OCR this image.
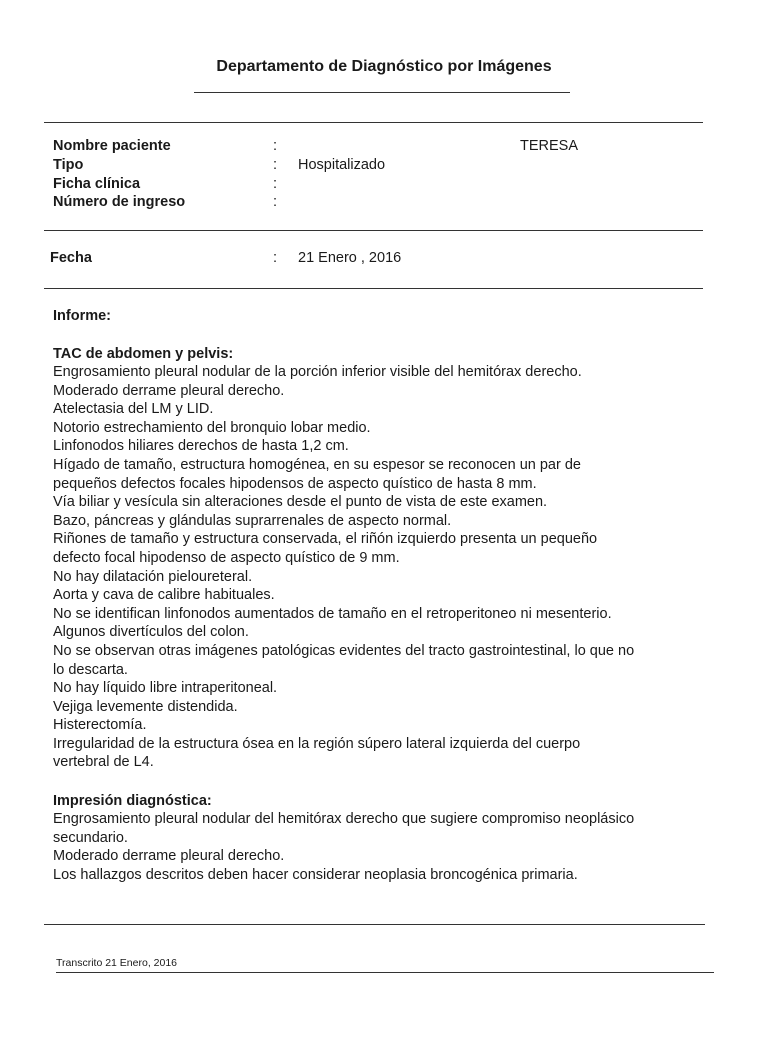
Departamento de Diagnóstico por Imágenes
Nombre paciente	:	TERESA
Tipo	: Hospitalizado
Ficha clínica	:
Número de ingreso	:
Fecha	: 21 Enero , 2016
Informe:
TAC de abdomen y pelvis:
Engrosamiento pleural nodular de la porción inferior visible del hemitórax derecho.
Moderado derrame pleural derecho.
Atelectasia del LM y LID.
Notorio estrechamiento del bronquio lobar medio.
Linfonodos hiliares derechos de hasta 1,2 cm.
Hígado de tamaño, estructura homogénea, en su espesor se reconocen un par de
pequeños defectos focales hipodensos de aspecto quístico de hasta 8 mm.
Vía biliar y vesícula sin alteraciones desde el punto de vista de este examen.
Bazo, páncreas y glándulas suprarrenales de aspecto normal.
Riñones de tamaño y estructura conservada, el riñón izquierdo presenta un pequeño
defecto focal hipodenso de aspecto quístico de 9 mm.
No hay dilatación pieloureteral.
Aorta y cava de calibre habituales.
No se identifican linfonodos aumentados de tamaño en el retroperitoneo ni mesenterio.
Algunos divertículos del colon.
No se observan otras imágenes patológicas evidentes del tracto gastrointestinal, lo que no
lo descarta.
No hay líquido libre intraperitoneal.
Vejiga levemente distendida.
Histerectomía.
Irregularidad de la estructura ósea en la región súpero lateral izquierda del cuerpo
vertebral de L4.
Impresión diagnóstica:
Engrosamiento pleural nodular del hemitórax derecho que sugiere compromiso neoplásico
secundario.
Moderado derrame pleural derecho.
Los hallazgos descritos deben hacer considerar neoplasia broncogénica primaria.
Transcrito 21 Enero, 2016
